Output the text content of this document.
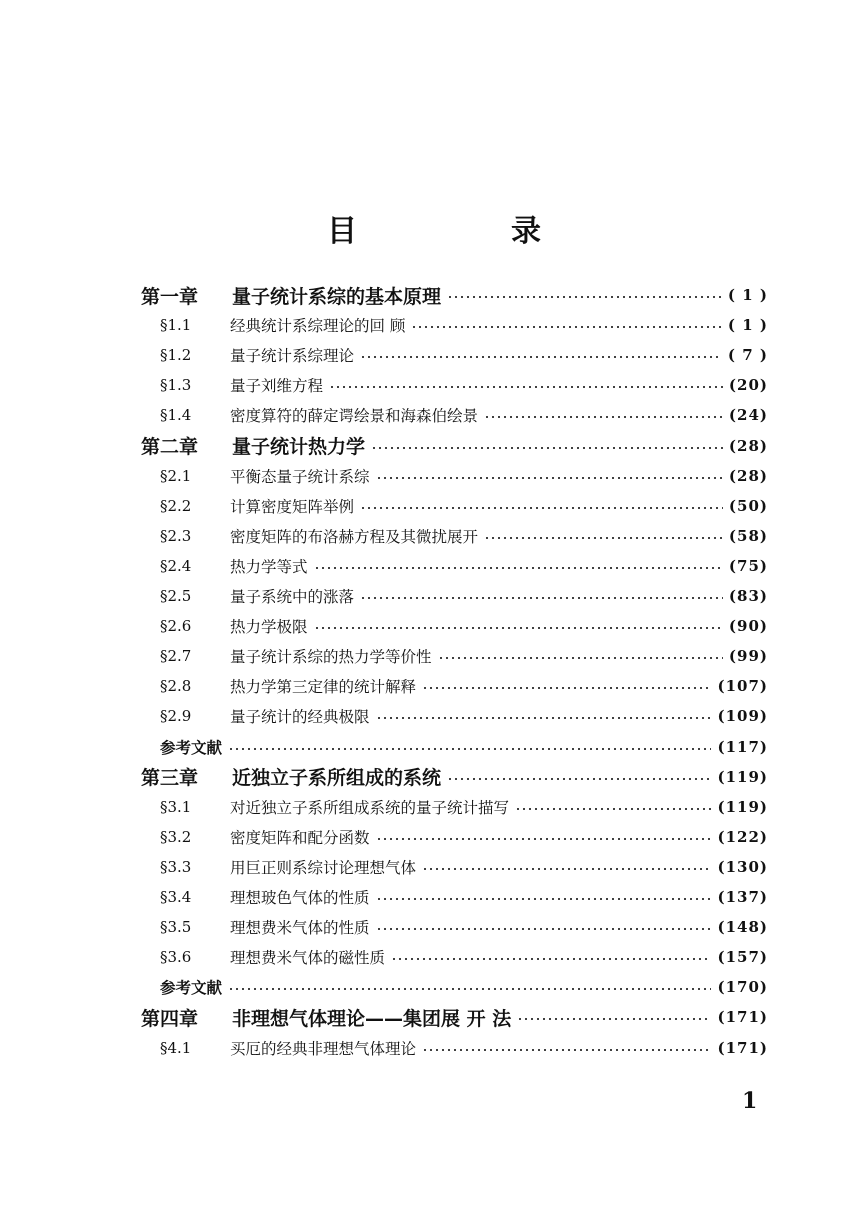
目　录
第一章 量子统计系综的基本原理	( 1 )
§1.1 经典统计系综理论的回 顾	( 1 )
§1.2 量子统计系综理论	( 7 )
§1.3 量子刘维方程	(20)
§1.4 密度算符的薛定谔绘景和海森伯绘景	(24)
第二章 量子统计热力学	(28)
§2.1 平衡态量子统计系综	(28)
§2.2 计算密度矩阵举例	(50)
§2.3 密度矩阵的布洛赫方程及其微扰展开	(58)
§2.4 热力学等式	(75)
§2.5 量子系统中的涨落	(83)
§2.6 热力学极限	(90)
§2.7 量子统计系综的热力学等价性	(99)
§2.8 热力学第三定律的统计解释	(107)
§2.9 量子统计的经典极限	(109)
参考文献	(117)
第三章 近独立子系所组成的系统	(119)
§3.1 对近独立子系所组成系统的量子统计描写	(119)
§3.2 密度矩阵和配分函数	(122)
§3.3 用巨正则系综讨论理想气体	(130)
§3.4 理想玻色气体的性质	(137)
§3.5 理想费米气体的性质	(148)
§3.6 理想费米气体的磁性质	(157)
参考文献	(170)
第四章 非理想气体理论——集团展 开 法	(171)
§4.1 买厄的经典非理想气体理论	(171)
1
